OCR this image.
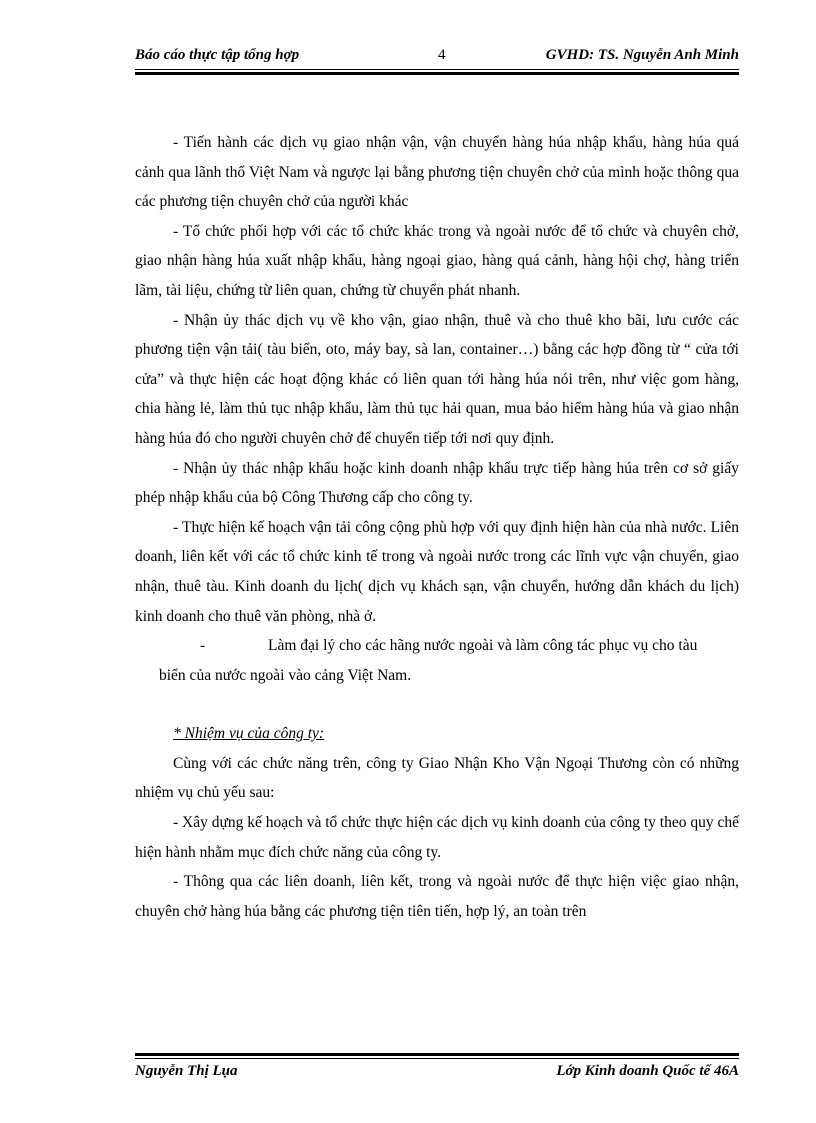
Báo cáo thực tập tổng hợp	4	GVHD: TS. Nguyễn Anh Minh

- Tiến hành các dịch vụ giao nhận vận, vận chuyển hàng húa nhập khẩu, hàng húa quá cảnh qua lãnh thổ Việt Nam và ngược lại bằng phương tiện chuyên chở của mình hoặc thông qua các phương tiện chuyên chở của người khác

- Tổ chức phối hợp với các tổ chức khác trong và ngoài nước để tổ chức và chuyên chở, giao nhận hàng húa xuất nhập khẩu, hàng ngoại giao, hàng quá cảnh, hàng hội chợ, hàng triển lãm, tài liệu, chứng từ liên quan, chứng từ chuyển phát nhanh.

- Nhận ủy thác dịch vụ về kho vận, giao nhận, thuê và cho thuê kho bãi, lưu cước các phương tiện vận tải( tàu biển, oto, máy bay, sà lan, container…) bằng các hợp đồng từ “ cửa tới cửa” và thực hiện các hoạt động khác có liên quan tới hàng húa nói trên, như việc gom hàng, chia hàng lẻ, làm thủ tục nhập khẩu, làm thủ tục hải quan, mua bảo hiểm hàng húa và giao nhận hàng húa đó cho người chuyên chở để chuyển tiếp tới nơi quy định.

- Nhận ủy thác nhập khẩu hoặc kinh doanh nhập khẩu trực tiếp hàng húa trên cơ sở giấy phép nhập khẩu của bộ Công Thương cấp cho công ty.

- Thực hiện kế hoạch vận tải công cộng phù hợp với quy định hiện hàn của nhà nước. Liên doanh, liên kết với các tổ chức kinh tế trong và ngoài nước trong các lĩnh vực vận chuyển, giao nhận, thuê tàu. Kinh doanh du lịch( dịch vụ khách sạn, vận chuyển, hướng dẫn khách du lịch) kinh doanh cho thuê văn phòng, nhà ở.

-	Làm đại lý cho các hãng nước ngoài và làm công tác phục vụ cho tàu

biển của nước ngoài vào cảng Việt Nam.

* Nhiệm vụ của công ty:

Cùng với các chức năng trên, công ty Giao Nhận Kho Vận Ngoại Thương còn có những nhiệm vụ chủ yếu sau:

- Xây dựng kế hoạch và tổ chức thực hiện các dịch vụ kinh doanh của công ty theo quy chế hiện hành nhằm mục đích chức năng của công ty.

- Thông qua các liên doanh, liên kết, trong và ngoài nước để thực hiện việc giao nhận, chuyên chở hàng húa bằng các phương tiện tiên tiến, hợp lý, an toàn trên

Nguyễn Thị Lụa	Lớp Kinh doanh Quốc tế 46A
